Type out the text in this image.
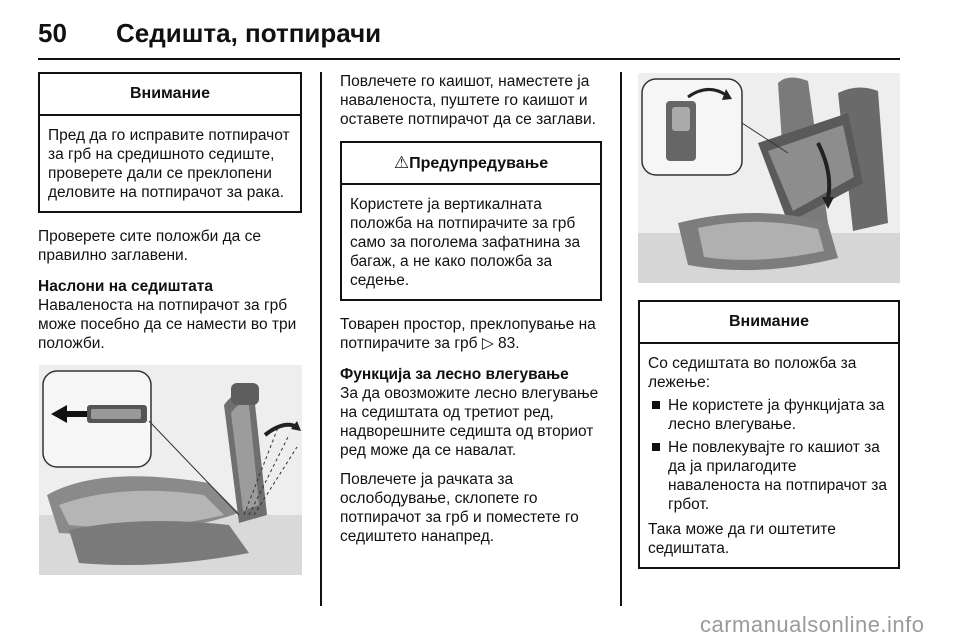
50 Седишта, потпирачи
Внимание

Пред да го исправите потпирачот за грб на средишното седиште, проверете дали се преклопени деловите на потпирачот за рака.

Проверете сите положби да се правилно заглавени.

Наслони на седиштата

Наваленоста на потпирачот за грб може посебно да се намести во три положби.

Повлечете го каишот, наместете ја наваленоста, пуштете го каишот и оставете потпирачот да се заглави.

⚠Предупредување

Користете ја вертикалната положба на потпирачите за грб само за поголема зафатнина за багаж, а не како положба за седење.

Товарен простор, преклопување на потпирачите за грб ▷ 83.

Функција за лесно влегување

За да овозможите лесно влегување на седиштата од третиот ред, надворешните седишта од вториот ред може да се навалат.

Повлечете ја рачката за ослободување, склопете го потпирачот за грб и поместете го седиштето нанапред.

Внимание

Со седиштата во положба за лежење:

Не користете ја функцијата за лесно влегување.
Не повлекувајте го кашиот за да ја прилагодите наваленоста на потпирачот за грбот.

Така може да ги оштетите седиштата.

carmanualsonline.info
